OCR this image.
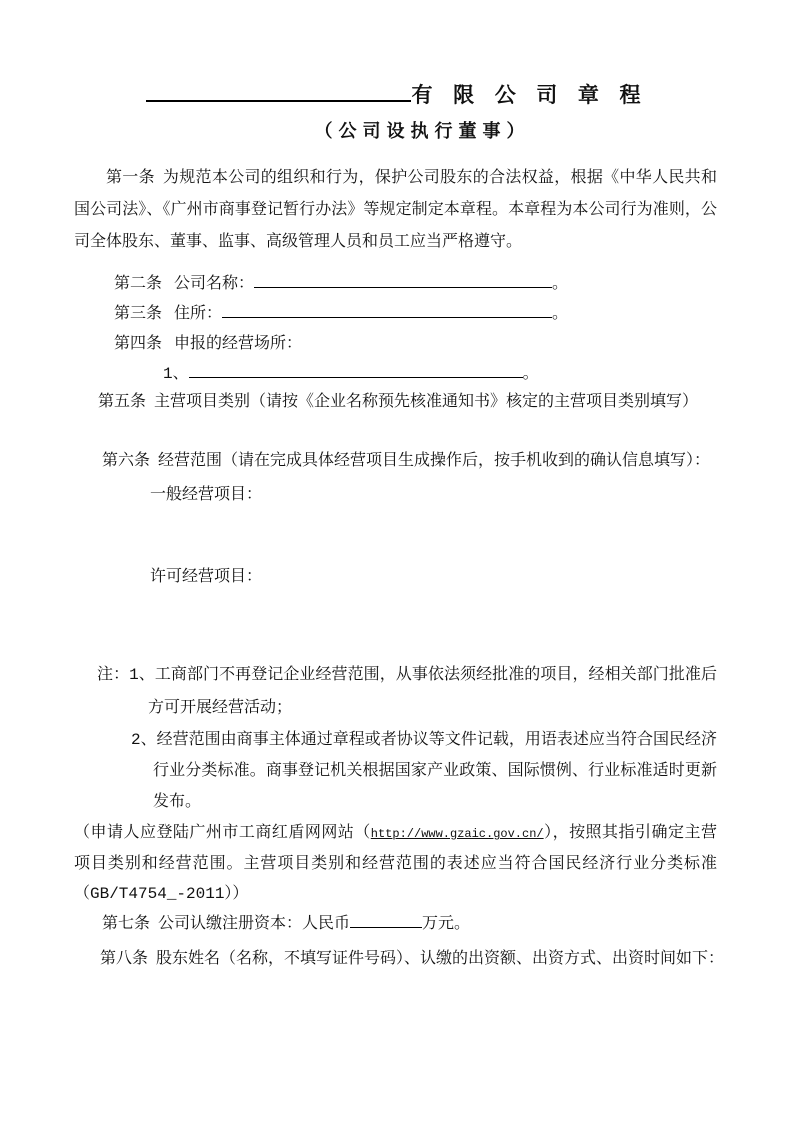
有 限 公 司 章 程
（公司设执行董事）

第一条 为规范本公司的组织和行为，保护公司股东的合法权益，根据《中华人民共和国公司法》、《广州市商事登记暂行办法》等规定制定本章程。本章程为本公司行为准则，公司全体股东、董事、监事、高级管理人员和员工应当严格遵守。

第二条 公司名称：	。
第三条 住所：	。
第四条 申报的经营场所：
1、	。
第五条 主营项目类别（请按《企业名称预先核准通知书》核定的主营项目类别填写）
第六条 经营范围（请在完成具体经营项目生成操作后，按手机收到的确认信息填写）：
一般经营项目：
许可经营项目：

注：1、工商部门不再登记企业经营范围，从事依法须经批准的项目，经相关部门批准后方可开展经营活动；

2、经营范围由商事主体通过章程或者协议等文件记载，用语表述应当符合国民经济行业分类标准。商事登记机关根据国家产业政策、国际惯例、行业标准适时更新发布。

（申请人应登陆广州市工商红盾网网站（http://www.gzaic.gov.cn/），按照其指引确定主营项目类别和经营范围。主营项目类别和经营范围的表述应当符合国民经济行业分类标准（GB/T4754_-2011））

第七条 公司认缴注册资本：人民币	万元。
第八条 股东姓名（名称，不填写证件号码）、认缴的出资额、出资方式、出资时间如下：
